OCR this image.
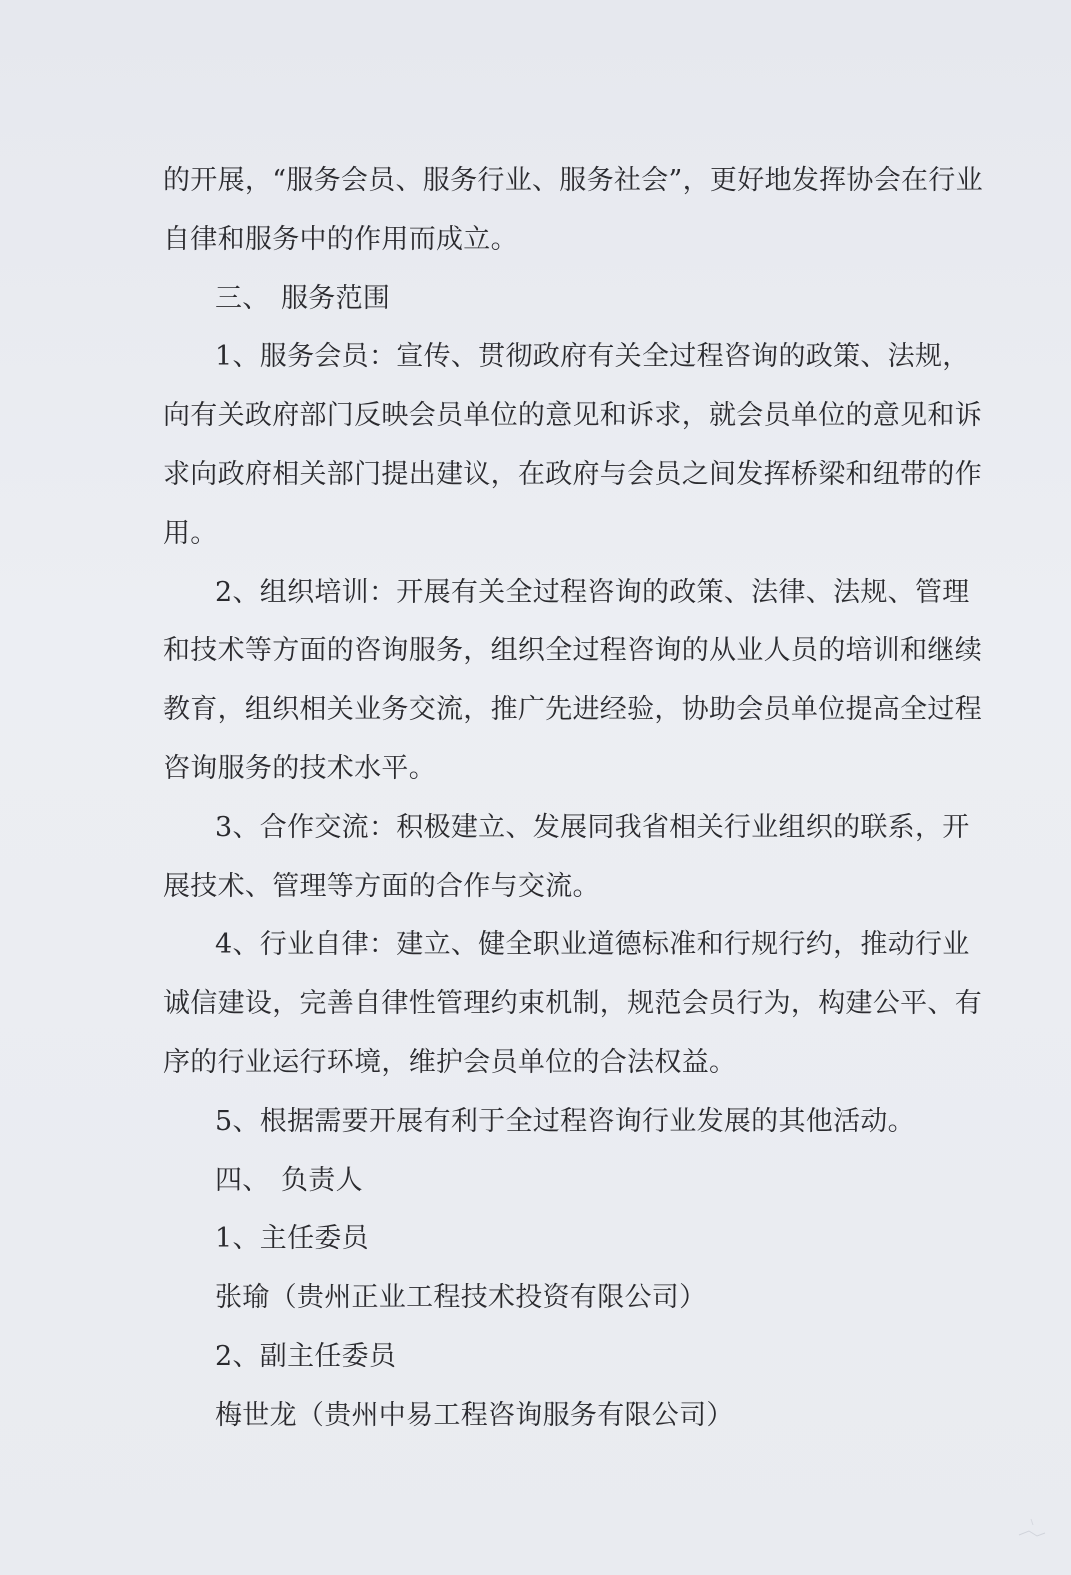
的开展，“服务会员、服务行业、服务社会”，更好地发挥协会在行业
自律和服务中的作用而成立。
三、 服务范围
1、服务会员：宣传、贯彻政府有关全过程咨询的政策、法规，
向有关政府部门反映会员单位的意见和诉求，就会员单位的意见和诉
求向政府相关部门提出建议，在政府与会员之间发挥桥梁和纽带的作
用。
2、组织培训：开展有关全过程咨询的政策、法律、法规、管理
和技术等方面的咨询服务，组织全过程咨询的从业人员的培训和继续
教育，组织相关业务交流，推广先进经验，协助会员单位提高全过程
咨询服务的技术水平。
3、合作交流：积极建立、发展同我省相关行业组织的联系，开
展技术、管理等方面的合作与交流。
4、行业自律：建立、健全职业道德标准和行规行约，推动行业
诚信建设，完善自律性管理约束机制，规范会员行为，构建公平、有
序的行业运行环境，维护会员单位的合法权益。
5、根据需要开展有利于全过程咨询行业发展的其他活动。
四、 负责人
1、主任委员
张瑜（贵州正业工程技术投资有限公司）
2、副主任委员
梅世龙（贵州中易工程咨询服务有限公司）
